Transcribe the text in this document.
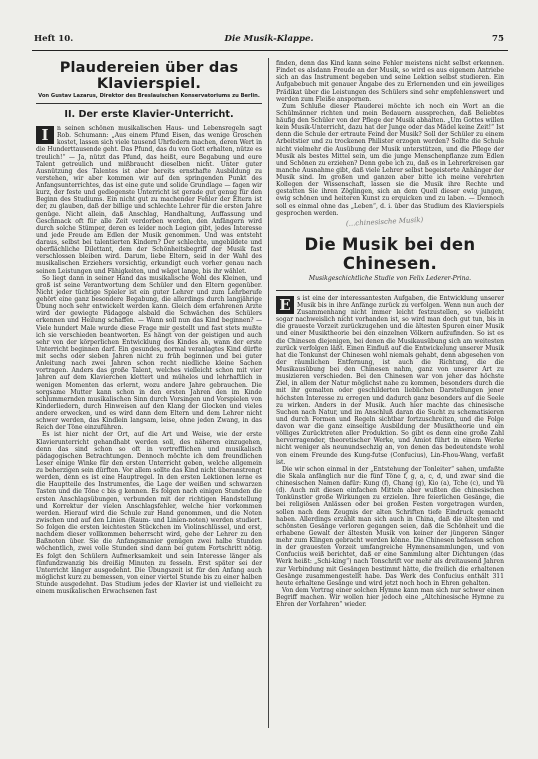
Heft 10.	Die Musik-Klappe.	75
Plaudereien über das Klavierspiel.
Von Gustav Lazarus, Direktor des Breslauischen Konservatoriums zu Berlin.
II. Der erste Klavier-Unterricht.

I	n seinen schönen musikalischen Haus- und Lebensregeln sagt Rob. Schumann: „Aus einem Pfund Eisen, das wenige Groschen kostet, lassen sich viele tausend Uhrfedern machen, deren Wert in die Hunderttausende geht. Das Pfund, das du von Gott erhalten, nütze es treulich!“ — Ja, nützt das Pfund, das heißt, eure Begabung und eure Talent getreulich und mißbraucht dieselben nicht. Unter guter Ausnützung des Talentes ist aber bereits ernsthafte Ausbildung zu verstehen, wir aber kommen wir auf den springenden Punkt des Anfangsunterrichtes, das ist eine gute und solide Grundlage — fagen wir kurz, der feste und gediegenste Unterricht ist gerade gut genug für den Beginn des Studiums. Ein nicht gut zu machender Fehler der Eltern ist der, zu glauben, daß der billige und schlechte Lehrer für die ersten Jahre genüge. Nicht allein, daß Anschlag, Handhaltung, Auffassung und Geschmack oft für alle Zeit verdorben werden, den Anfängern wird durch solche Stümper, deren es leider noch Legion gibt, jedes Interesse und jede Freude am Edlen der Musik genommen. Und was entsteht daraus, selbst bei talentierten Kindern? Der schlechte, ungebildete und oberflächliche Dilettant, dem der Schönheitsbegriff der Musik fast verschlossen bleiben wird. Darum, liebe Eltern, seid in der Wahl des musikalischen Erziehers vorsichtig, erkundigt euch vorher genau nach seinen Leistungen und Fähigkeiten, und wäget lange, bis ihr wählet.

So liegt dann in seiner Hand das musikalische Wohl des Kleinen, und groß ist seine Verantwortung dem Schüler und den Eltern gegenüber. Nicht jeder tüchtige Spieler ist ein guter Lehrer und zum Lehrberufe gehört eine ganz besondere Begabung, die allerdings durch langjährige Übung noch sehr entwickelt werden kann. Gleich dem erfahrenen Arzte wird der gewiegte Pädagoge alsbald die Schwächen des Schülers erkennen und Heilung schaffen. — Wann soll nun das Kind beginnen? — Viele hundert Male wurde diese Frage mir gestellt und fast stets mußte ich sie verschieden beantworten. Es hängt von der geistigen und auch sehr von der körperlichen Entwicklung des Kindes ab, wann der erste Unterricht beginnen darf. Ein gesundes, normal veranlagtes Kind dürfte mit sechs oder sieben Jahren nicht zu früh beginnen und bei guter Anleitung nach zwei Jahren schon recht niedliche kleine Sachen vortragen. Anders das große Talent, welches vielleicht schon mit vier Jahren auf dem Klavierchen klettert und mühelos und lehrhaftlich in wenigen Momenten das erlernt, wozu andere Jahre gebrauchen. Die sorgsame Mutter kann schon in den ersten Jahren den im Kinde schlummernden musikalischen Sinn durch Vorsingen und Vorspielen von Kinderliedern, durch Hinweisen auf den Klang der Glocken und vieles andere erwecken, und es wird dann dem Eltern und dem Lehrer nicht schwer werden, das Kindlein langsam, leise, ohne jeden Zwang, in das Reich der Töne einzuführen.

Es ist hier nicht der Ort, auf die Art und Weise, wie der erste Klavierunterricht gehandhabt werden soll, des näheren einzugehen, denn das sind schon so oft in vortrefflichen und musikalisch pädagogischen Betrachtungen. Dennoch möchte ich dem freundlichen Leser einige Winke für den ersten Unterricht geben, welche allgemein zu beherzigen sein dürften. Vor allem sollte das Kind nicht überanstrengt werden, denn es ist eine Hauptregel. In den ersten Lektionen lerne es die Hauptteile des Instrumentes, die Lage der weißen und schwarzen Tasten und die Töne c bis g kennen. Es folgen nach einigen Stunden die ersten Anschlagsübungen, verbunden mit der richtigen Handstellung und Korrektur der vielen Anschlagsfehler, welche hier vorkommen werden. Hierauf wird die Schule zur Hand genommen, und die Noten zwischen und auf den Linien (Raum- und Linien-noten) werden studiert. So folgen die ersten leichtesten Stückchen im Violinschlüssel, und erst, nachdem dieser vollkommen beherrscht wird, gehe der Lehrer zu den Baßnoten über. Sie die Anfangsmanier genügen zwei halbe Stunden wöchentlich, zwei volle Stunden sind dann bei gutem Fortschritt nötig. Es folgt den Schülern Aufmerksamkeit und sein Interesse länger als fünfundzwanzig bis dreißig Minuten zu fesseln. Erst später sei der Unterricht länger ausgedehnt. Die Übungszeit ist für den Anfang auch möglichst kurz zu bemessen, von einer viertel Stunde bis zu einer halben Stunde ausgedehnt. Das Studium jedes der Klavier ist und vielleicht zu einem musikalischen Erwachsenen fast

finden, denn das Kind kann seine Fehler meistens nicht selbst erkennen. Findet es alsdann Freude an der Musik, so wird es aus eigenem Antriebe sich an das Instrument begeben und seine Lektion selbst studieren. Ein Aufgabebuch mit genauer Angabe des zu Erlernenden und ein jeweiliges Prädikat über die Leistungen des Schülers sind sehr empfehlenswert und werden zum Fleiße anspornen.

Zum Schluße dieser Plauderei möchte ich noch ein Wort an die Schülmänner richten und mein Bedauern aussprechen, daß Beliebtes häufig den Schüler von der Pflege der Musik abhalten. „Um Gottes willen kein Musik-Unterricht, dazu hat der Junge oder das Mädel keine Zeit!“ Ist denn die Schule der ertraute Feind der Musik? Soll der Schüler zu einem Arbeitstier und zu trockenen Philister erzogen werden? Sollte die Schule nicht vielmehr die Ausübung der Musik unterstützen, und die Pflege der Musik als bestes Mittel sein, um die junge Menschenpflanze zum Edlen und Schönen zu erziehen? Denn gebe ich zu, daß es in Lehrerkreisen gar manche Ausnahme gibt, daß viele Lehrer selbst begeisterte Anhänger der Musik sind. Im großen und ganzen aber bitte ich meine verehrten Kollegen der Wissenschaft, lassen sie die Musik ihre Rechte und gestatten Sie ihren Zöglingen, sich an dem Quell dieser ewig jungen, ewig schönen und heiteren Kunst zu erquicken und zu laben. — Dennoch soll es einmal ohne das „Leben“, d. i. über das Studium des Klavierspiels gesprochen werden.

(...chinesische Musik)
Die Musik bei den Chinesen.
Musikgeschichtliche Studie von Felix Lederer-Prina.

E	s ist eine der interessantesten Aufgaben, die Entwicklung unserer Musik bis in ihre Anfänge zurück zu verfolgen. Wenn nun auch der Zusammenhang nicht immer leicht festzustellen, so vielleicht sogar nachweislich nicht vorhanden ist, so wird man doch gut tun, bis in die graueste Vorzeit zurückzugehen und die ältesten Spuren einer Musik und einer Musiktheorie bei den einzelnen Völkern aufzufinden. So ist es die Chinesen diejenigen, bei denen die Musikausübung sich am weitesten zurück verfolgen läßt. Einen Einfluß auf die Entwickelung unserer Musik hat die Tonkunst der Chinesen wohl niemals gehabt, denn abgesehen von der räumlichen Entfernung, ist auch die Richtung, die die Musikausübung bei den Chinesen nahm, ganz von unserer Art zu musizieren verschieden. Bei den Chinesen war von jeher das höchste Ziel, in allem der Natur möglichst nahe zu kommen, besonders durch die mit ihr gemalten oder geschilderten lieblichen Darstellungen jener höchsten Interesse zu erregen und dadurch ganz besonders auf die Seele zu wirken. Anders in der Musik. Auch hier machte das chinesische Suchen nach Natur, und im Anschluß daran die Sucht zu schematisieren und durch Formen und Regeln sichtbar fortzuschreiten, und die Folge davon war die ganz einseitige Ausbildung der Musiktheorie und ein völliges Zurücktreten aller Produktion. So gibt es denn eine große Zahl hervorragender, theoretischer Werke, und Amiot führt in einem Werke nicht weniger als neunundsechzig an, von denen das bedeutendste wohl von einem Freunde des Kung-futse (Confucius), Lin-Fhou-Wang, verfaßt ist.

Die wir schon einmal in der „Entstehung der Tonleiter“ sahen, umfaßte die Skala anfänglich nur die fünf Töne f, g, a, c, d, und zwar sind die chinesischen Namen dafür: Kung (f), Chang (g), Kio (a), Tche (c), und Yü (d). Auch mit diesen einfachen Mitteln aber wußten die chinesischen Tonkünstler große Wirkungen zu erzielen. Ihre feierlichen Gesänge, die bei religiösen Anlässen oder bei großen Festen vorgetragen wurden, sollen nach dem Zeugnis der alten Schriften tiefe Eindruck gemacht haben. Allerdings erzählt man sich auch in China, daß die ältesten und schönsten Gesänge verloren gegangen seien, daß die Schönheit und die erhabene Gewalt der ältesten Musik von keiner der jüngeren Sänger mehr zum Klingen gebracht werden könne. Die Chinesen befassen schon in der grauesten Vorzeit umfangreiche Hymnensammlungen, und von Confucius weiß berichtet, daß er eine Sammlung alter Dichtungen (das Werk heißt: „Schi-king“) nach Tonschrift vor mehr als dreitausend Jahren zur Verbindung mit Gesängen bestimmt hätte, die freilich die erhaltenen Gesänge zusammengestellt habe. Das Werk des Confucius enthält 311 heute erhaltene Gesänge und wird jetzt noch hoch in Ehren gehalten.

Von dem Vortrag einer solchen Hymne kann man sich nur schwer einen Begriff machen. Wir wollen hier jedoch eine „Altchinesische Hymne zu Ehren der Vorfahren“ wieder.
